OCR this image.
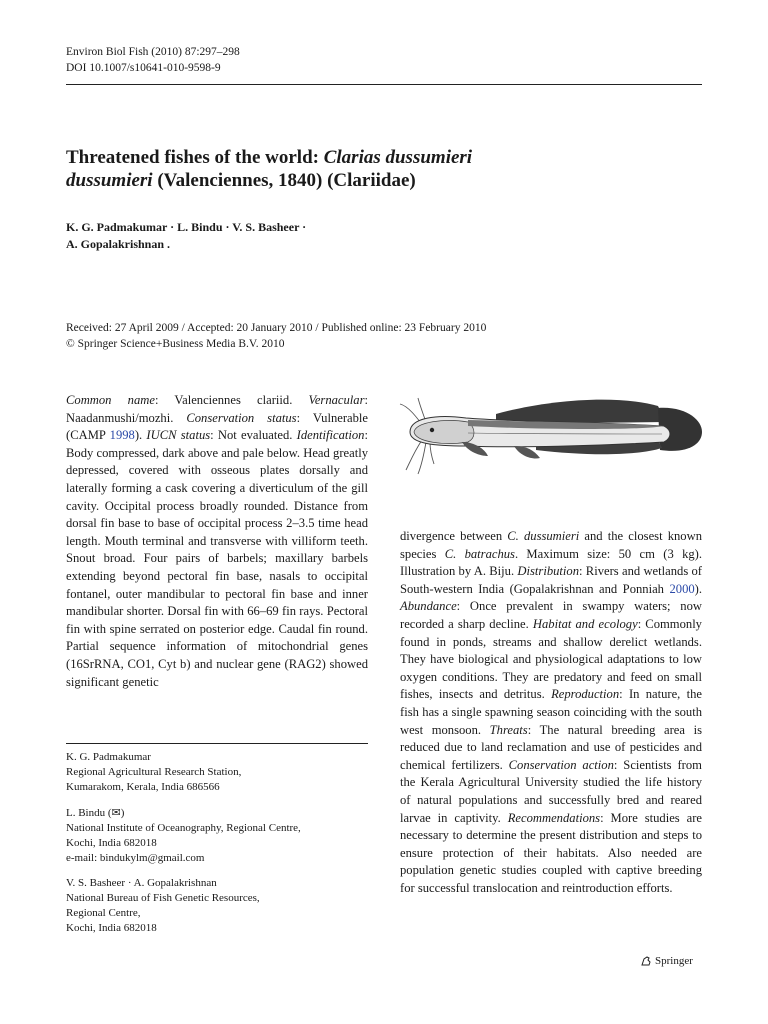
Environ Biol Fish (2010) 87:297–298
DOI 10.1007/s10641-010-9598-9
Threatened fishes of the world: Clarias dussumieri
dussumieri (Valenciennes, 1840) (Clariidae)
K. G. Padmakumar · L. Bindu · V. S. Basheer ·
A. Gopalakrishnan .
Received: 27 April 2009 / Accepted: 20 January 2010 / Published online: 23 February 2010
© Springer Science+Business Media B.V. 2010
Common name: Valenciennes clariid. Vernacular: Naadanmushi/mozhi. Conservation status: Vulnerable (CAMP 1998). IUCN status: Not evaluated. Identification: Body compressed, dark above and pale below. Head greatly depressed, covered with osseous plates dorsally and laterally forming a cask covering a diverticulum of the gill cavity. Occipital process broadly rounded. Distance from dorsal fin base to base of occipital process 2–3.5 time head length. Mouth terminal and transverse with villiform teeth. Snout broad. Four pairs of barbels; maxillary barbels extending beyond pectoral fin base, nasals to occipital fontanel, outer mandibular to pectoral fin base and inner mandibular shorter. Dorsal fin with 66–69 fin rays. Pectoral fin with spine serrated on posterior edge. Caudal fin round. Partial sequence information of mitochondrial genes (16SrRNA, CO1, Cyt b) and nuclear gene (RAG2) showed significant genetic
K. G. Padmakumar
Regional Agricultural Research Station,
Kumarakom, Kerala, India 686566
L. Bindu (✉)
National Institute of Oceanography, Regional Centre,
Kochi, India 682018
e-mail: bindukylm@gmail.com
V. S. Basheer · A. Gopalakrishnan
National Bureau of Fish Genetic Resources,
Regional Centre,
Kochi, India 682018
divergence between C. dussumieri and the closest known species C. batrachus. Maximum size: 50 cm (3 kg). Illustration by A. Biju. Distribution: Rivers and wetlands of South-western India (Gopalakrishnan and Ponniah 2000). Abundance: Once prevalent in swampy waters; now recorded a sharp decline. Habitat and ecology: Commonly found in ponds, streams and shallow derelict wetlands. They have biological and physiological adaptations to low oxygen conditions. They are predatory and feed on small fishes, insects and detritus. Reproduction: In nature, the fish has a single spawning season coinciding with the south west monsoon. Threats: The natural breeding area is reduced due to land reclamation and use of pesticides and chemical fertilizers. Conservation action: Scientists from the Kerala Agricultural University studied the life history of natural populations and successfully bred and reared larvae in captivity. Recommendations: More studies are necessary to determine the present distribution and steps to ensure protection of their habitats. Also needed are population genetic studies coupled with captive breeding for successful translocation and reintroduction efforts.
Springer
